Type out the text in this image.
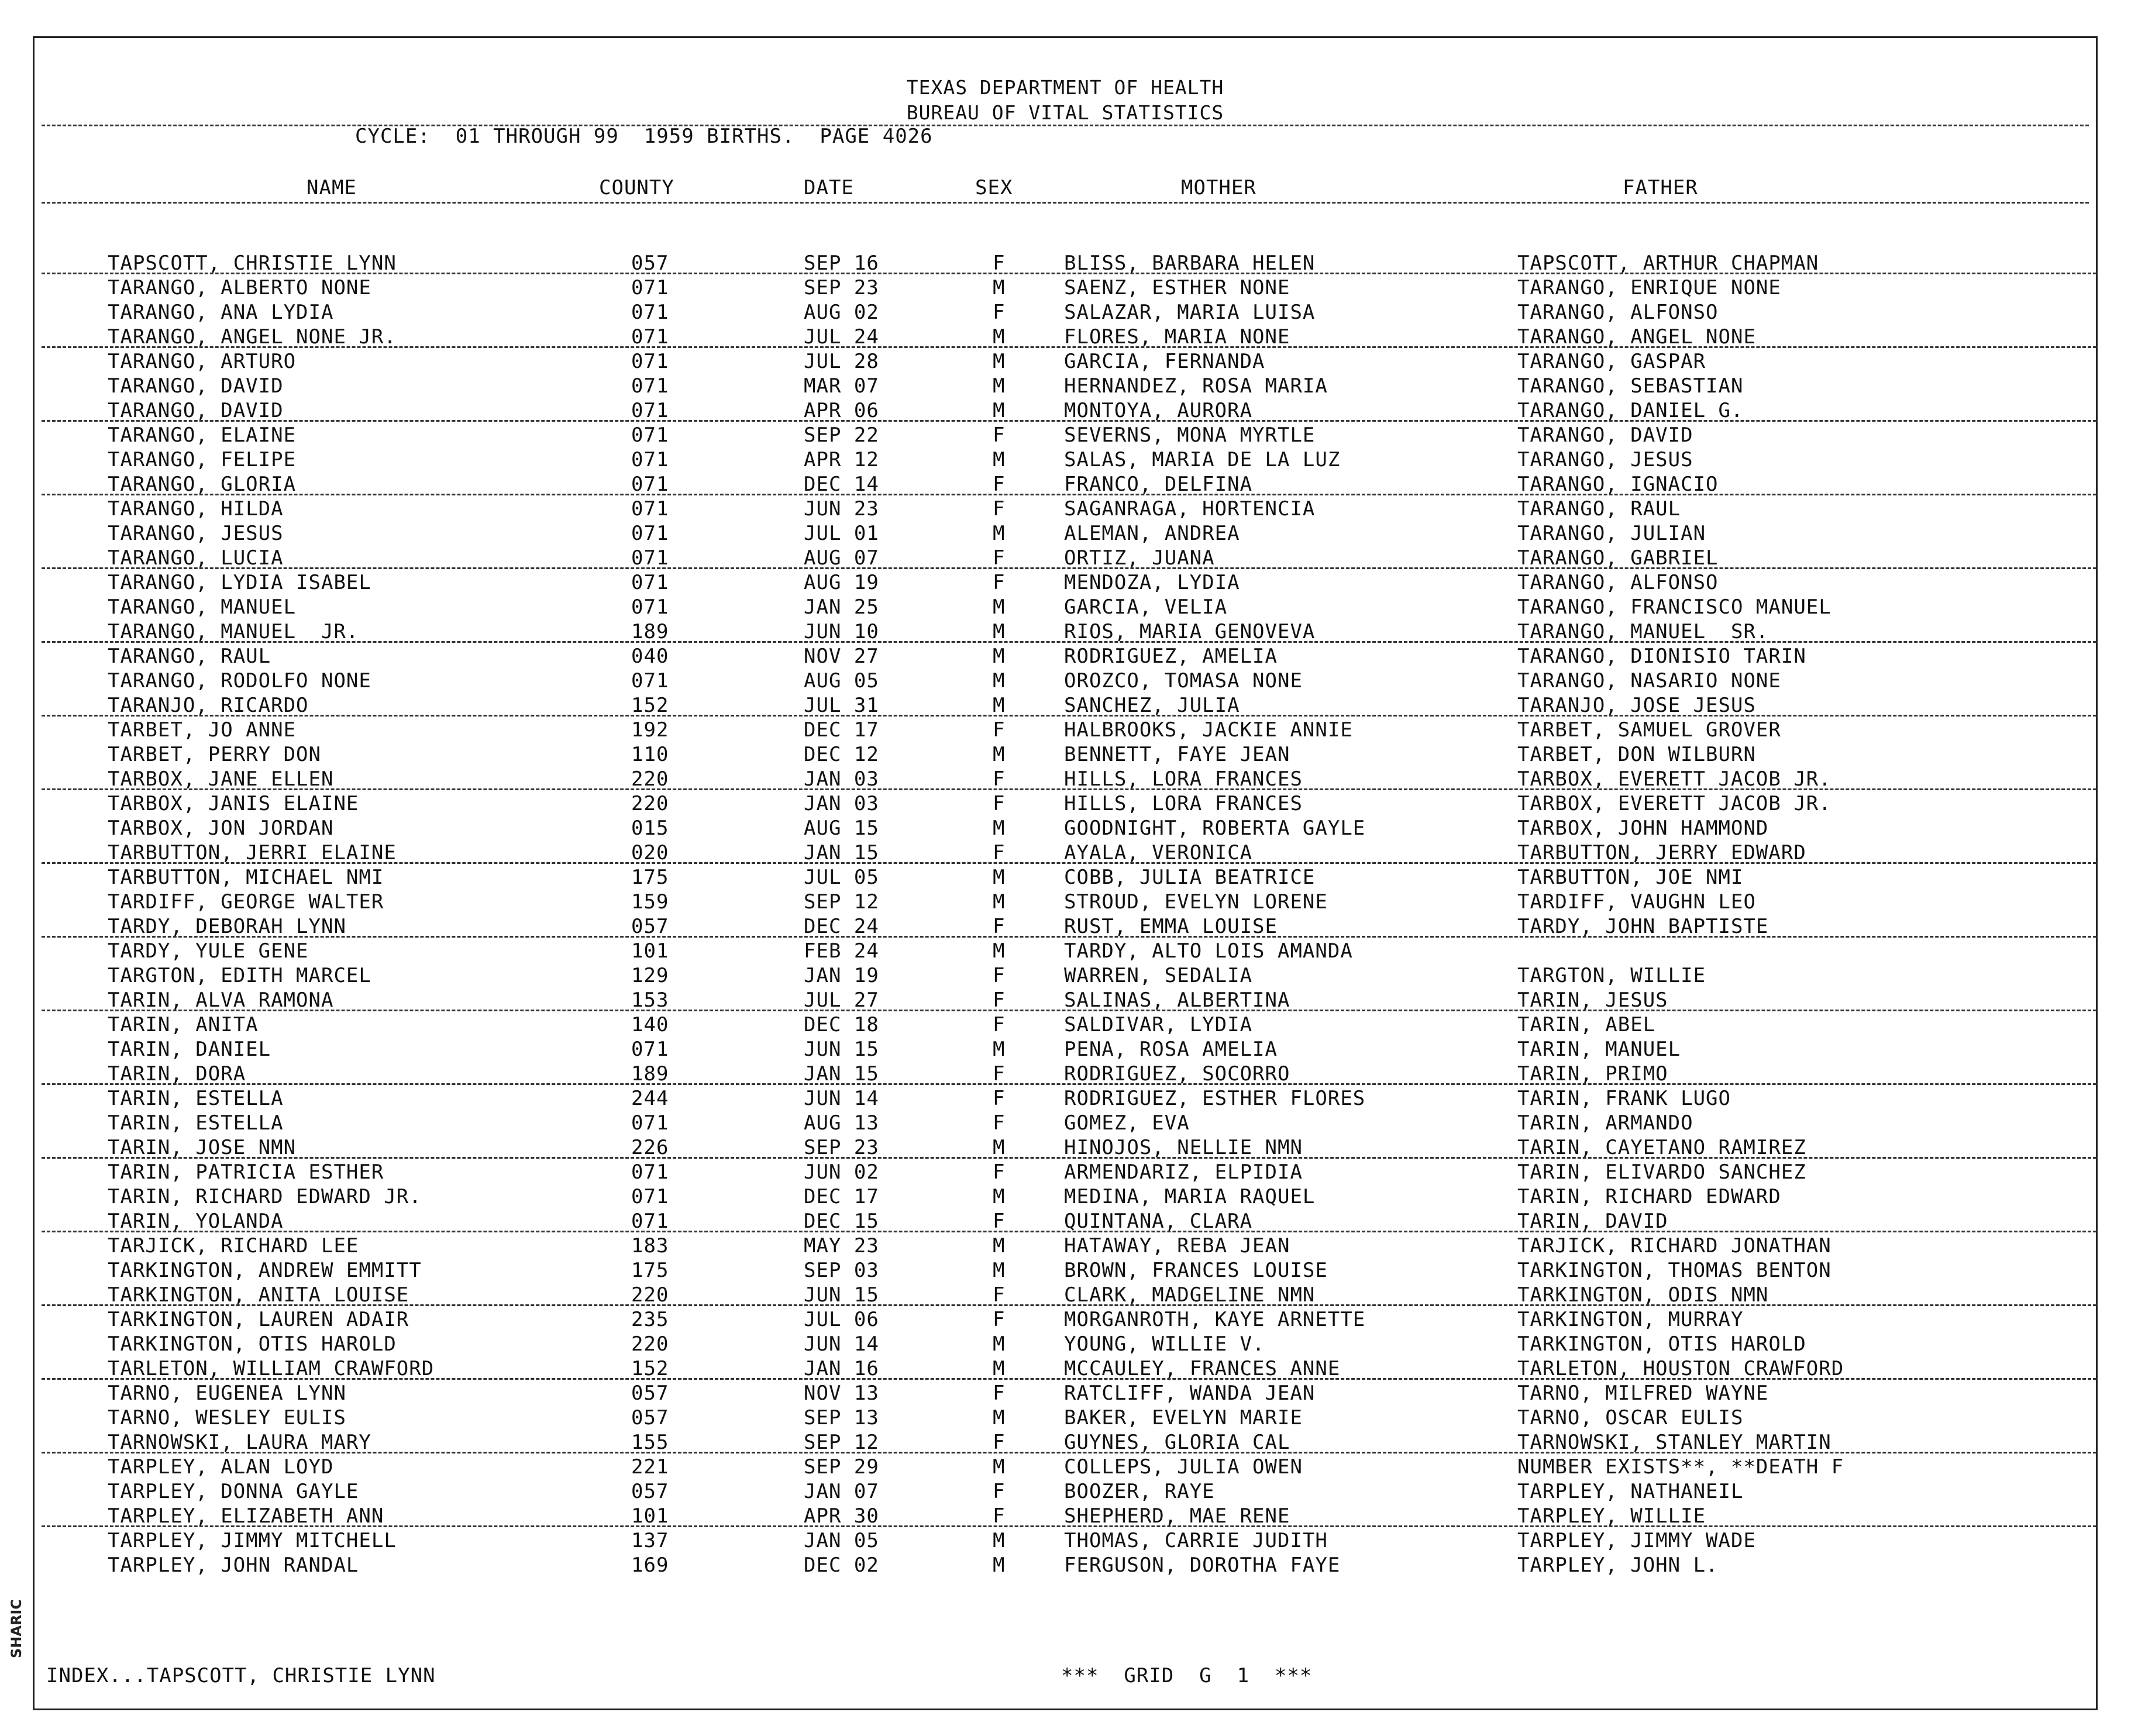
SHARIC
TEXAS DEPARTMENT OF HEALTH
BUREAU OF VITAL STATISTICS
CYCLE:  01 THROUGH 99  1959 BIRTHS.  PAGE 4026
NAME	COUNTY	DATE	SEX	MOTHER	FATHER
TAPSCOTT, CHRISTIE LYNN	057	SEP 16	F	BLISS, BARBARA HELEN	TAPSCOTT, ARTHUR CHAPMAN
TARANGO, ALBERTO NONE	071	SEP 23	M	SAENZ, ESTHER NONE	TARANGO, ENRIQUE NONE
TARANGO, ANA LYDIA	071	AUG 02	F	SALAZAR, MARIA LUISA	TARANGO, ALFONSO
TARANGO, ANGEL NONE JR.	071	JUL 24	M	FLORES, MARIA NONE	TARANGO, ANGEL NONE
TARANGO, ARTURO	071	JUL 28	M	GARCIA, FERNANDA	TARANGO, GASPAR
TARANGO, DAVID	071	MAR 07	M	HERNANDEZ, ROSA MARIA	TARANGO, SEBASTIAN
TARANGO, DAVID	071	APR 06	M	MONTOYA, AURORA	TARANGO, DANIEL G.
TARANGO, ELAINE	071	SEP 22	F	SEVERNS, MONA MYRTLE	TARANGO, DAVID
TARANGO, FELIPE	071	APR 12	M	SALAS, MARIA DE LA LUZ	TARANGO, JESUS
TARANGO, GLORIA	071	DEC 14	F	FRANCO, DELFINA	TARANGO, IGNACIO
TARANGO, HILDA	071	JUN 23	F	SAGANRAGA, HORTENCIA	TARANGO, RAUL
TARANGO, JESUS	071	JUL 01	M	ALEMAN, ANDREA	TARANGO, JULIAN
TARANGO, LUCIA	071	AUG 07	F	ORTIZ, JUANA	TARANGO, GABRIEL
TARANGO, LYDIA ISABEL	071	AUG 19	F	MENDOZA, LYDIA	TARANGO, ALFONSO
TARANGO, MANUEL	071	JAN 25	M	GARCIA, VELIA	TARANGO, FRANCISCO MANUEL
TARANGO, MANUEL  JR.	189	JUN 10	M	RIOS, MARIA GENOVEVA	TARANGO, MANUEL  SR.
TARANGO, RAUL	040	NOV 27	M	RODRIGUEZ, AMELIA	TARANGO, DIONISIO TARIN
TARANGO, RODOLFO NONE	071	AUG 05	M	OROZCO, TOMASA NONE	TARANGO, NASARIO NONE
TARANJO, RICARDO	152	JUL 31	M	SANCHEZ, JULIA	TARANJO, JOSE JESUS
TARBET, JO ANNE	192	DEC 17	F	HALBROOKS, JACKIE ANNIE	TARBET, SAMUEL GROVER
TARBET, PERRY DON	110	DEC 12	M	BENNETT, FAYE JEAN	TARBET, DON WILBURN
TARBOX, JANE ELLEN	220	JAN 03	F	HILLS, LORA FRANCES	TARBOX, EVERETT JACOB JR.
TARBOX, JANIS ELAINE	220	JAN 03	F	HILLS, LORA FRANCES	TARBOX, EVERETT JACOB JR.
TARBOX, JON JORDAN	015	AUG 15	M	GOODNIGHT, ROBERTA GAYLE	TARBOX, JOHN HAMMOND
TARBUTTON, JERRI ELAINE	020	JAN 15	F	AYALA, VERONICA	TARBUTTON, JERRY EDWARD
TARBUTTON, MICHAEL NMI	175	JUL 05	M	COBB, JULIA BEATRICE	TARBUTTON, JOE NMI
TARDIFF, GEORGE WALTER	159	SEP 12	M	STROUD, EVELYN LORENE	TARDIFF, VAUGHN LEO
TARDY, DEBORAH LYNN	057	DEC 24	F	RUST, EMMA LOUISE	TARDY, JOHN BAPTISTE
TARDY, YULE GENE	101	FEB 24	M	TARDY, ALTO LOIS AMANDA
TARGTON, EDITH MARCEL	129	JAN 19	F	WARREN, SEDALIA	TARGTON, WILLIE
TARIN, ALVA RAMONA	153	JUL 27	F	SALINAS, ALBERTINA	TARIN, JESUS
TARIN, ANITA	140	DEC 18	F	SALDIVAR, LYDIA	TARIN, ABEL
TARIN, DANIEL	071	JUN 15	M	PENA, ROSA AMELIA	TARIN, MANUEL
TARIN, DORA	189	JAN 15	F	RODRIGUEZ, SOCORRO	TARIN, PRIMO
TARIN, ESTELLA	244	JUN 14	F	RODRIGUEZ, ESTHER FLORES	TARIN, FRANK LUGO
TARIN, ESTELLA	071	AUG 13	F	GOMEZ, EVA	TARIN, ARMANDO
TARIN, JOSE NMN	226	SEP 23	M	HINOJOS, NELLIE NMN	TARIN, CAYETANO RAMIREZ
TARIN, PATRICIA ESTHER	071	JUN 02	F	ARMENDARIZ, ELPIDIA	TARIN, ELIVARDO SANCHEZ
TARIN, RICHARD EDWARD JR.	071	DEC 17	M	MEDINA, MARIA RAQUEL	TARIN, RICHARD EDWARD
TARIN, YOLANDA	071	DEC 15	F	QUINTANA, CLARA	TARIN, DAVID
TARJICK, RICHARD LEE	183	MAY 23	M	HATAWAY, REBA JEAN	TARJICK, RICHARD JONATHAN
TARKINGTON, ANDREW EMMITT	175	SEP 03	M	BROWN, FRANCES LOUISE	TARKINGTON, THOMAS BENTON
TARKINGTON, ANITA LOUISE	220	JUN 15	F	CLARK, MADGELINE NMN	TARKINGTON, ODIS NMN
TARKINGTON, LAUREN ADAIR	235	JUL 06	F	MORGANROTH, KAYE ARNETTE	TARKINGTON, MURRAY
TARKINGTON, OTIS HAROLD	220	JUN 14	M	YOUNG, WILLIE V.	TARKINGTON, OTIS HAROLD
TARLETON, WILLIAM CRAWFORD	152	JAN 16	M	MCCAULEY, FRANCES ANNE	TARLETON, HOUSTON CRAWFORD
TARNO, EUGENEA LYNN	057	NOV 13	F	RATCLIFF, WANDA JEAN	TARNO, MILFRED WAYNE
TARNO, WESLEY EULIS	057	SEP 13	M	BAKER, EVELYN MARIE	TARNO, OSCAR EULIS
TARNOWSKI, LAURA MARY	155	SEP 12	F	GUYNES, GLORIA CAL	TARNOWSKI, STANLEY MARTIN
TARPLEY, ALAN LOYD	221	SEP 29	M	COLLEPS, JULIA OWEN	NUMBER EXISTS**, **DEATH F
TARPLEY, DONNA GAYLE	057	JAN 07	F	BOOZER, RAYE	TARPLEY, NATHANEIL
TARPLEY, ELIZABETH ANN	101	APR 30	F	SHEPHERD, MAE RENE	TARPLEY, WILLIE
TARPLEY, JIMMY MITCHELL	137	JAN 05	M	THOMAS, CARRIE JUDITH	TARPLEY, JIMMY WADE
TARPLEY, JOHN RANDAL	169	DEC 02	M	FERGUSON, DOROTHA FAYE	TARPLEY, JOHN L.
INDEX...TAPSCOTT, CHRISTIE LYNN	***  GRID  G  1  ***
